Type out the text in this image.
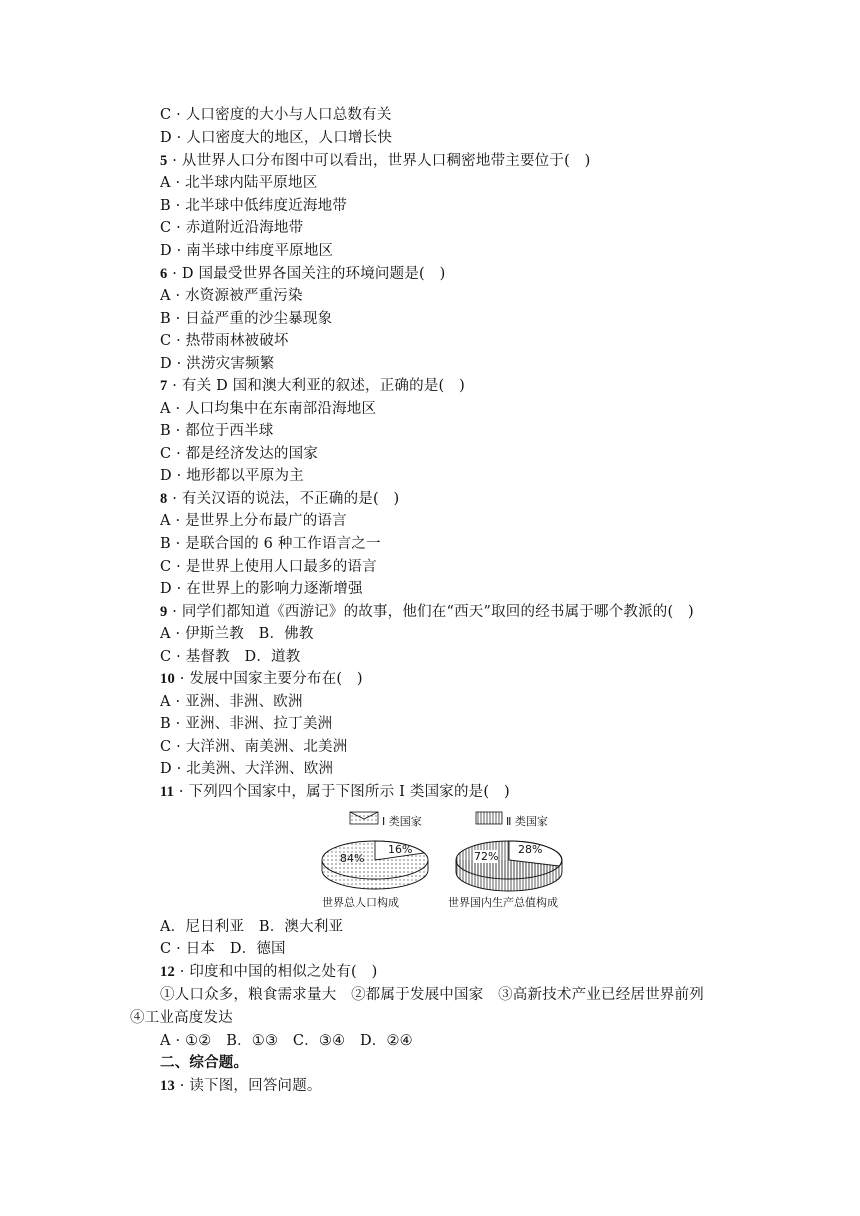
C · 人口密度的大小与人口总数有关
D · 人口密度大的地区，人口增长快
5 · 从世界人口分布图中可以看出，世界人口稠密地带主要位于(　)
A · 北半球内陆平原地区
B · 北半球中低纬度近海地带
C · 赤道附近沿海地带
D · 南半球中纬度平原地区
6 · D 国最受世界各国关注的环境问题是(　)
A · 水资源被严重污染
B · 日益严重的沙尘暴现象
C · 热带雨林被破坏
D · 洪涝灾害频繁
7 · 有关 D 国和澳大利亚的叙述，正确的是(　)
A · 人口均集中在东南部沿海地区
B · 都位于西半球
C · 都是经济发达的国家
D · 地形都以平原为主
8 · 有关汉语的说法，不正确的是(　)
A · 是世界上分布最广的语言
B · 是联合国的 6 种工作语言之一
C · 是世界上使用人口最多的语言
D · 在世界上的影响力逐渐增强
9 · 同学们都知道《西游记》的故事，他们在“西天”取回的经书属于哪个教派的(　)
A · 伊斯兰教　B．佛教
C · 基督教　D．道教
10 · 发展中国家主要分布在(　)
A · 亚洲、非洲、欧洲
B · 亚洲、非洲、拉丁美洲
C · 大洋洲、南美洲、北美洲
D · 北美洲、大洋洲、欧洲
11 · 下列四个国家中，属于下图所示 Ⅰ 类国家的是(　)
A．尼日利亚　B．澳大利亚
C · 日本　D．德国
12 · 印度和中国的相似之处有(　)
①人口众多，粮食需求量大　②都属于发展中国家　③高新技术产业已经居世界前列
④工业高度发达
A · ①②　B．①③　C．③④　D．②④
二、综合题。
13 · 读下图，回答问题。
Ⅰ 类国家	Ⅱ 类国家
84%
16%
72%
28%
世界总人口构成	世界国内生产总值构成
